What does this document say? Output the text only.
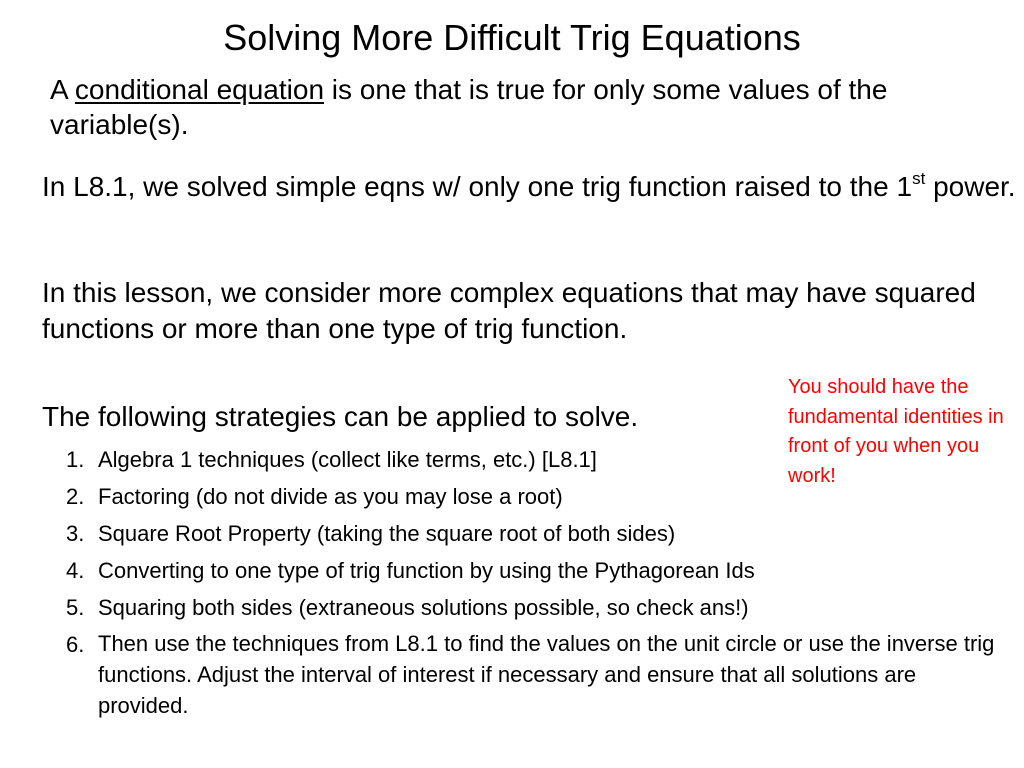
Solving More Difficult Trig Equations
A conditional equation is one that is true for only some values of the variable(s).
In L8.1, we solved simple eqns w/ only one trig function raised to the 1st power.
In this lesson, we consider more complex equations that may have squared functions or more than one type of trig function.
The following strategies can be applied to solve.
You should have the fundamental identities in front of you when you work!
1. Algebra 1 techniques (collect like terms, etc.) [L8.1]
2. Factoring (do not divide as you may lose a root)
3. Square Root Property (taking the square root of both sides)
4. Converting to one type of trig function by using the Pythagorean Ids
5. Squaring both sides (extraneous solutions possible, so check ans!)
6. Then use the techniques from L8.1 to find the values on the unit circle or use the inverse trig functions. Adjust the interval of interest if necessary and ensure that all solutions are provided.
